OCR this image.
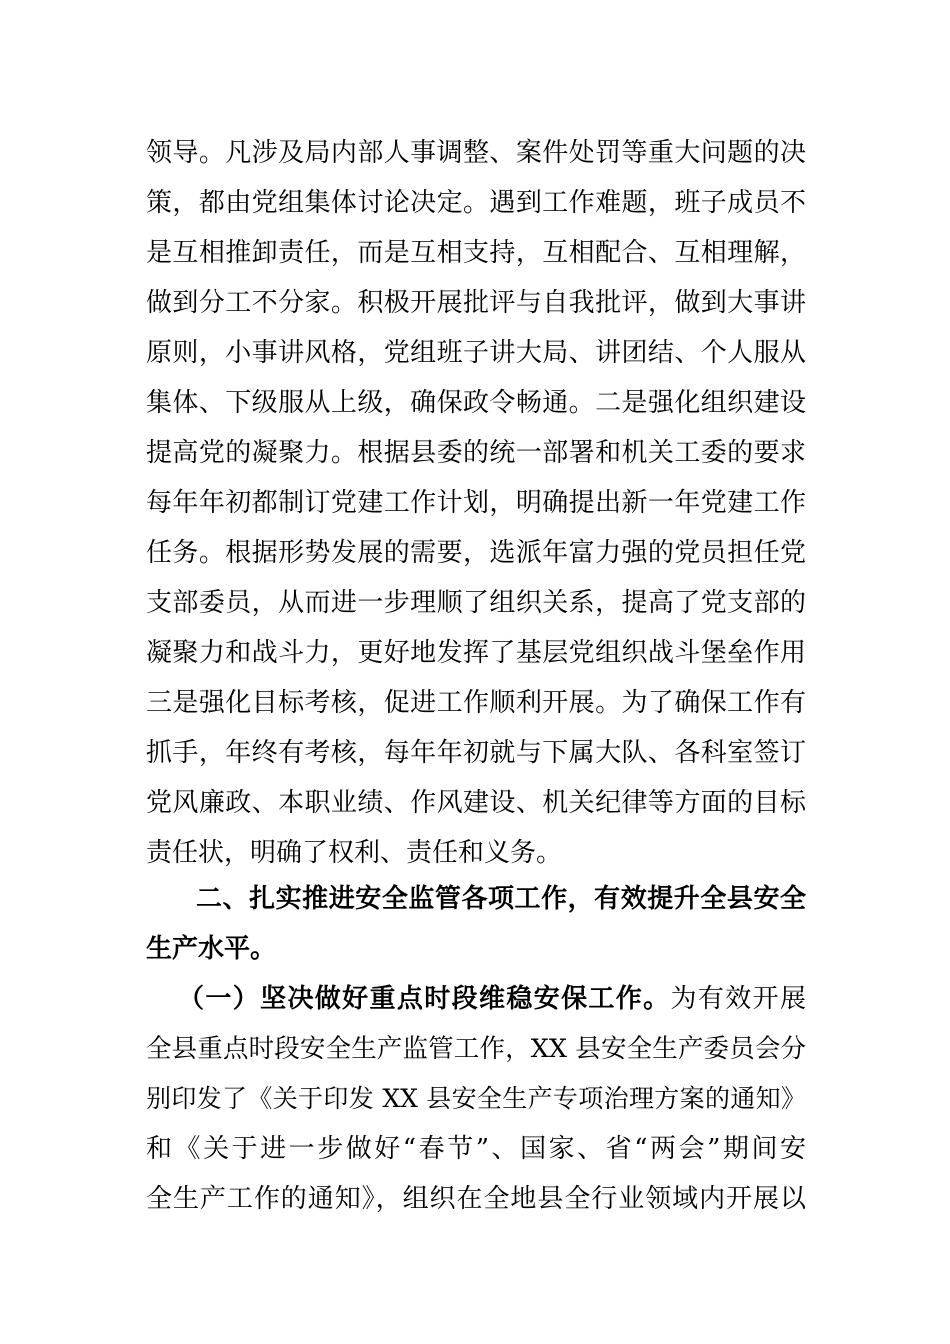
领导。凡涉及局内部人事调整、案件处罚等重大问题的决
策，都由党组集体讨论决定。遇到工作难题，班子成员不
是互相推卸责任，而是互相支持，互相配合、互相理解，
做到分工不分家。积极开展批评与自我批评，做到大事讲
原则，小事讲风格，党组班子讲大局、讲团结、个人服从
集体、下级服从上级，确保政令畅通。二是强化组织建设
提高党的凝聚力。根据县委的统一部署和机关工委的要求
每年年初都制订党建工作计划，明确提出新一年党建工作
任务。根据形势发展的需要，选派年富力强的党员担任党
支部委员，从而进一步理顺了组织关系，提高了党支部的
凝聚力和战斗力，更好地发挥了基层党组织战斗堡垒作用
三是强化目标考核，促进工作顺利开展。为了确保工作有
抓手，年终有考核，每年年初就与下属大队、各科室签订
党风廉政、本职业绩、作风建设、机关纪律等方面的目标
责任状，明确了权利、责任和义务。
二、扎实推进安全监管各项工作，有效提升全县安全
生产水平。
（一）坚决做好重点时段维稳安保工作。为有效开展
全县重点时段安全生产监管工作，XX 县安全生产委员会分
别印发了《关于印发 XX 县安全生产专项治理方案的通知》
和《关于进一步做好“春节”、国家、省“两会”期间安
全生产工作的通知》，组织在全地县全行业领域内开展以
